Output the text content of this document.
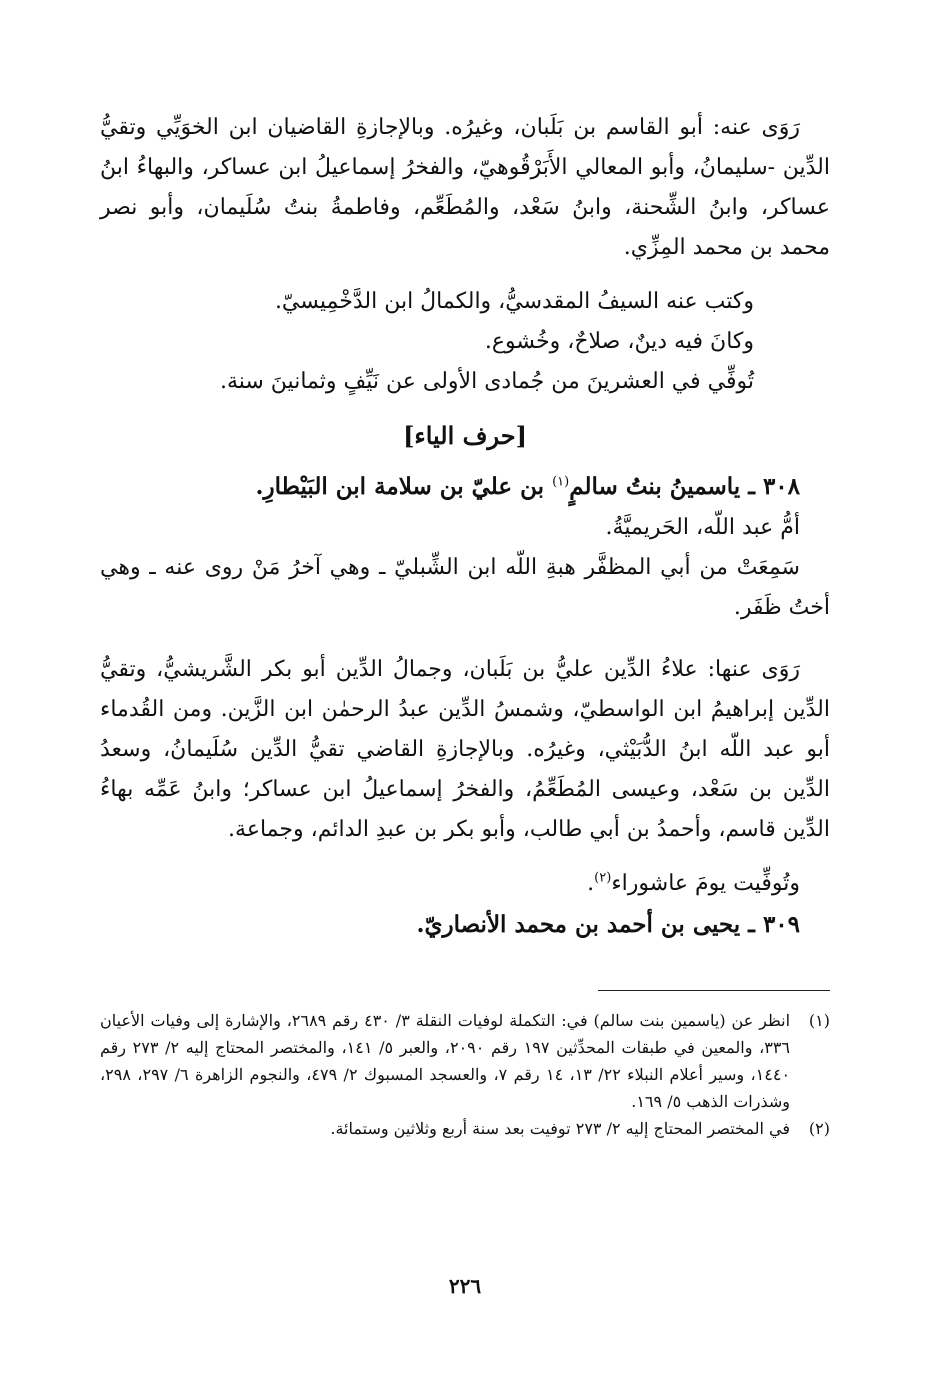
رَوَى عنه: أبو القاسم بن بَلَبان، وغيرُه. وبالإجازةِ القاضيان ابن الخوَيِّي وتقيُّ الدِّين -سليمانُ، وأبو المعالي الأَبَرْقُوهيّ، والفخرُ إسماعيلُ ابن عساكر، والبهاءُ ابنُ عساكر، وابنُ الشِّحنة، وابنُ سَعْد، والمُطَعِّم، وفاطمةُ بنتُ سُلَيمان، وأبو نصر محمد بن محمد المِزِّي.

وكتب عنه السيفُ المقدسيُّ، والكمالُ ابن الدَّخْمِيسيّ.

وكانَ فيه دينٌ، صلاحٌ، وخُشوع.

تُوفِّي في العشرينَ من جُمادى الأولى عن نَيِّفٍ وثمانينَ سنة.

[حرف الياء]

٣٠٨ ـ ياسمينُ بنتُ سالمٍ$^{(١)}$ بن عليّ بن سلامة ابن البَيْطارِ.

أمُّ عبد اللّه، الحَريميَّةُ.

سَمِعَتْ من أبي المظفَّر هبةِ اللّه ابن الشِّبليّ ـ وهي آخرُ مَنْ روى عنه ـ وهي أختُ ظَفَر.

رَوَى عنها: علاءُ الدِّين عليُّ بن بَلَبان، وجمالُ الدِّين أبو بكر الشَّريشيُّ، وتقيُّ الدِّين إبراهيمُ ابن الواسطيّ، وشمسُ الدِّين عبدُ الرحمٰن ابن الزَّين. ومن القُدماء أبو عبد اللّه ابنُ الدُّبَيْثي، وغيرُه. وبالإجازةِ القاضي تقيُّ الدِّين سُلَيمانُ، وسعدُ الدِّين بن سَعْد، وعيسى المُطَعِّمُ، والفخرُ إسماعيلُ ابن عساكر؛ وابنُ عَمِّه بهاءُ الدِّين قاسم، وأحمدُ بن أبي طالب، وأبو بكر بن عبدِ الدائم، وجماعة.

وتُوفِّيت يومَ عاشوراء$^{(٢)}$.

٣٠٩ ـ يحيى بن أحمد بن محمد الأنصاريّ.

(١)
انظر عن (ياسمين بنت سالم) في: التكملة لوفيات النقلة ٣/ ٤٣٠ رقم ٢٦٨٩، والإشارة إلى وفيات الأعيان ٣٣٦، والمعين في طبقات المحدِّثين ١٩٧ رقم ٢٠٩٠، والعبر ٥/ ١٤١، والمختصر المحتاج إليه ٢/ ٢٧٣ رقم ١٤٤٠، وسير أعلام النبلاء ٢٢/ ١٣، ١٤ رقم ٧، والعسجد المسبوك ٢/ ٤٧٩، والنجوم الزاهرة ٦/ ٢٩٧، ٢٩٨، وشذرات الذهب ٥/ ١٦٩.
(٢)
في المختصر المحتاج إليه ٢/ ٢٧٣ توفيت بعد سنة أربع وثلاثين وستمائة.
٢٢٦
